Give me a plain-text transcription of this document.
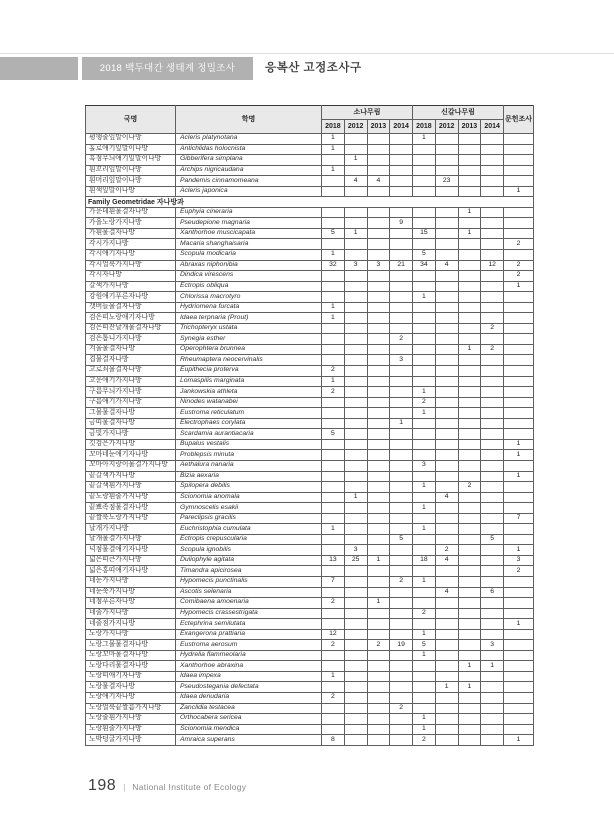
2018 백두대간 생태계 정밀조사	응복산 고정조사구
국명	학명	소나무림				신갈나무림				문헌조사
		2018	2012	2013	2014	2018	2012	2013	2014	
평행줄잎말이나방	Acleris platynotana	1				1				
홀로애기잎말이나방	Antichlidas holocnista	1								
흑점무늬애기잎말이나방	Gibberifera simplana		1							
흰꼬리잎말이나방	Archips nigricaudana	1								
흰머리잎말이나방	Pandemis cinnamomeana		4	4			23			
흰색잎말이나방	Acleris japonica									1
Family Geometridae 자나방과										
가운데흰물결자나방	Euphyia cineraria							1		
가을노랑가지나방	Pseudepione magnaria				9					
가흰물결자나방	Xanthorhoe muscicapata	5	1			15		1		
각시가지나방	Macaria shanghaisaria									2
각시애기자나방	Scopula modicaria	1				5				
각시얼룩가지나방	Abraxas niphonibia	32	3	3	21	34	4		12	2
각시자나방	Dindica virescens									2
갈색가지나방	Ectropis obliqua									1
강원애기푸른자나방	Chlorissa macrotyro					1				
갯버들물결자나방	Hydriomena furcata	1								
검은띠노랑애기자나방	Idaea terpnaria (Prout)	1								
검은띠잔날개물결자나방	Trichopteryx ustata								2	
검은톱니가지나방	Synegia esther				2					
겨울물결자나방	Operophtera brunnea							1	2	
겹물결자나방	Rheumaptera neocervinalis				3					
고로쇠물결자나방	Eupithecia proterva	2								
고운애기가지나방	Lomaspilis marginata	1								
구름무늬가지나방	Jankowskia athleta	2				1				
구름애기가지나방	Ninodes watanabei					2				
그물물결자나방	Eustroma reticulatum					1				
금띠물결자나방	Electrophaes corylata				1					
금빛가지나방	Scardamia aurantiacaria	5								
깃검은가지나방	Bupalus vestalis									1
꼬마네눈애기자나방	Problepsis minuta									1
꼬마아지랑이물결가지나방	Aethalura nanaria					3				
끝갈색가지나방	Bizia aexaria									1
끝갈색흰가지나방	Spilopera debilis					1		2		
끝노랑흰줄가지나방	Scionomia anomala		1				4			
끝뾰족점물결자나방	Gymnoscelis esakii					1				
끝짤룩노랑가지나방	Pareclipsis gracilis									7
날개가지나방	Euchristophia cumulata	1				1				
날개물결가지나방	Ectropis crepuscularia				5				5	
넉점물결애기자나방	Scopula ignobilis		3				2			1
넓은띠큰가지나방	Duliophyle agitata	13	25	1		18	4			3
넓은홍띠애기자나방	Timandra apicirosea									2
네눈가지나방	Hypomecis punctinalis	7			2	1				
네눈쑥가지나방	Ascotis selenaria						4		6	
네점푸른자나방	Comibaena amoenaria	2		1						
네줄가지나방	Hypomecis crassestrigata					2				
네줄점가지나방	Ectephrina semilutata									1
노랑가지나방	Exangerona prattiaria	12				1				
노랑그물물결자나방	Eustroma aerosum	2		2	19	5			3	
노랑꼬마물결자나방	Hydrelia flammeolaria					1				
노랑다리물결자나방	Xanthorhoe abraxina							1	1	
노랑띠애기자나방	Idaea impexa	1								
노랑물결자나방	Pseudostegania defectata						1	1		
노랑애기자나방	Idaea denudaria	2								
노랑얼룩끝짤름가지나방	Zanclidia testacea				2					
노랑줄흰가지나방	Orthocabera sericea					1				
노랑흰줄가지나방	Scionomia mendica					1				
노박덩굴가지나방	Amraica superans	8				2				1
198 | National Institute of Ecology
